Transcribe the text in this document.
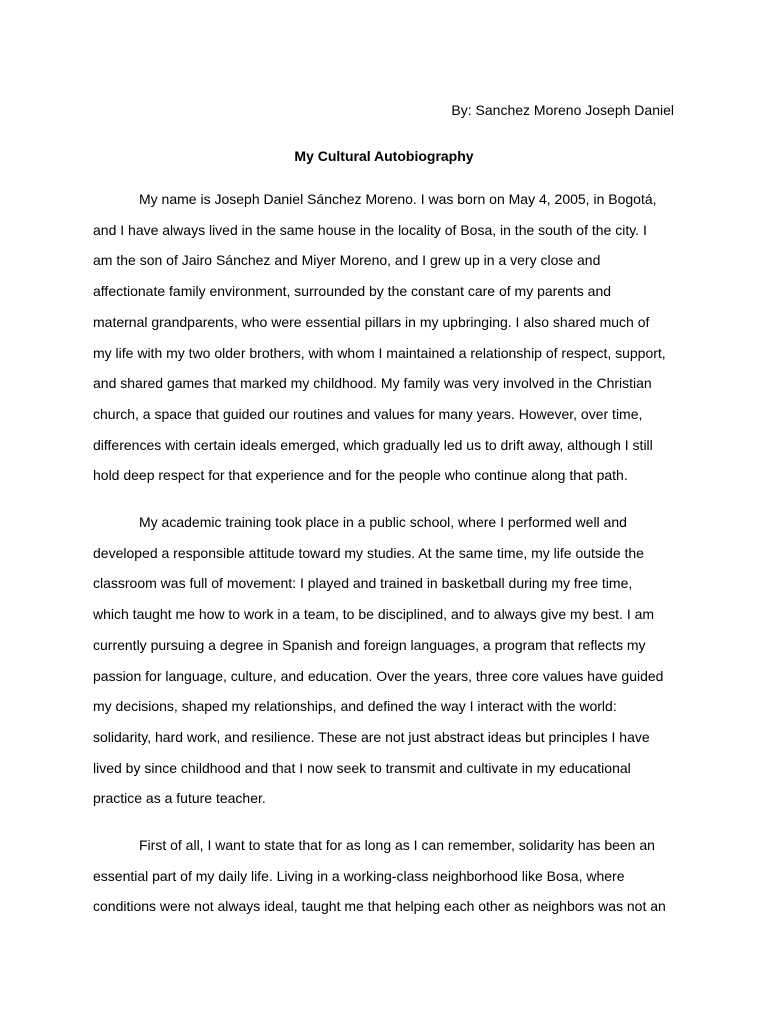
By: Sanchez Moreno Joseph Daniel
My Cultural Autobiography
My name is Joseph Daniel Sánchez Moreno. I was born on May 4, 2005, in Bogotá,
and I have always lived in the same house in the locality of Bosa, in the south of the city. I
am the son of Jairo Sánchez and Miyer Moreno, and I grew up in a very close and
affectionate family environment, surrounded by the constant care of my parents and
maternal grandparents, who were essential pillars in my upbringing. I also shared much of
my life with my two older brothers, with whom I maintained a relationship of respect, support,
and shared games that marked my childhood. My family was very involved in the Christian
church, a space that guided our routines and values for many years. However, over time,
differences with certain ideals emerged, which gradually led us to drift away, although I still
hold deep respect for that experience and for the people who continue along that path.
My academic training took place in a public school, where I performed well and
developed a responsible attitude toward my studies. At the same time, my life outside the
classroom was full of movement: I played and trained in basketball during my free time,
which taught me how to work in a team, to be disciplined, and to always give my best. I am
currently pursuing a degree in Spanish and foreign languages, a program that reflects my
passion for language, culture, and education. Over the years, three core values have guided
my decisions, shaped my relationships, and defined the way I interact with the world:
solidarity, hard work, and resilience. These are not just abstract ideas but principles I have
lived by since childhood and that I now seek to transmit and cultivate in my educational
practice as a future teacher.
First of all, I want to state that for as long as I can remember, solidarity has been an
essential part of my daily life. Living in a working-class neighborhood like Bosa, where
conditions were not always ideal, taught me that helping each other as neighbors was not an
